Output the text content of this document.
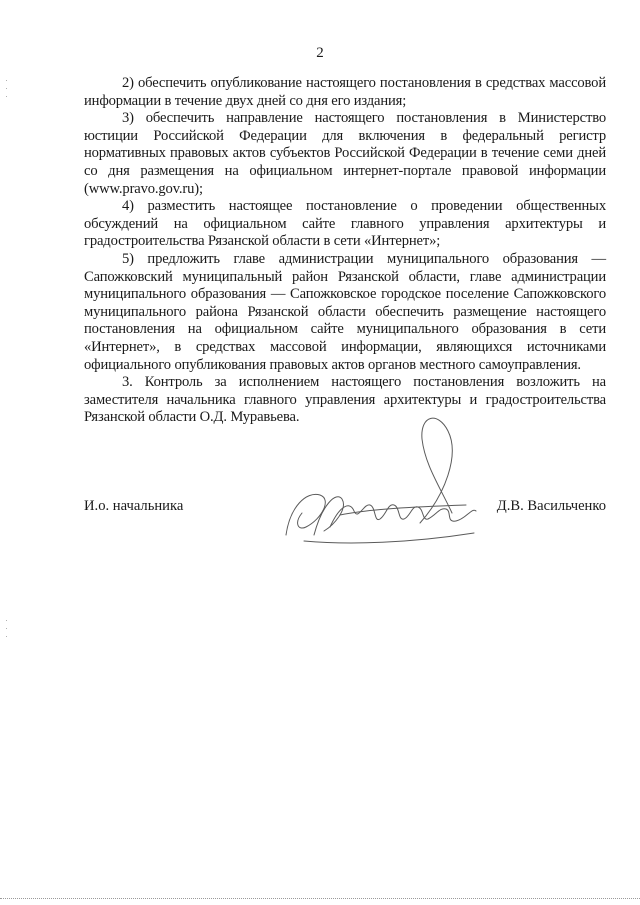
2

2) обеспечить опубликование настоящего постановления в средствах массовой информации в течение двух дней со дня его издания;

3) обеспечить направление настоящего постановления в Министерство юстиции Российской Федерации для включения в федеральный регистр нормативных правовых актов субъектов Российской Федерации в течение семи дней со дня размещения на официальном интернет-портале правовой информации (www.pravo.gov.ru);

4) разместить настоящее постановление о проведении общественных обсуждений на официальном сайте главного управления архитектуры и градостроительства Рязанской области в сети «Интернет»;

5) предложить главе администрации муниципального образования — Сапожковский муниципальный район Рязанской области, главе администрации муниципального образования — Сапожковское городское поселение Сапожковского муниципального района Рязанской области обеспечить размещение настоящего постановления на официальном сайте муниципального образования в сети «Интернет», в средствах массовой информации, являющихся источниками официального опубликования правовых актов органов местного самоуправления.

3. Контроль за исполнением настоящего постановления возложить на заместителя начальника главного управления архитектуры и градостроительства Рязанской области О.Д. Муравьева.

И.о. начальника	Д.В. Васильченко
